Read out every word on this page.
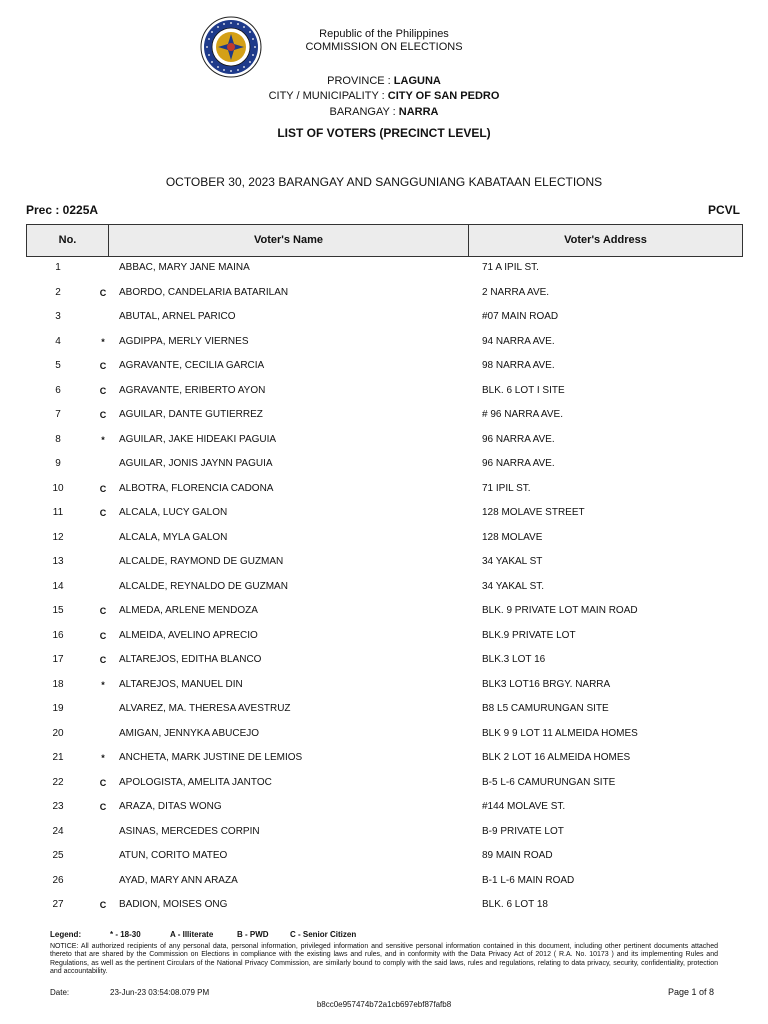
Republic of the Philippines
COMMISSION ON ELECTIONS
PROVINCE : LAGUNA
CITY / MUNICIPALITY : CITY OF SAN PEDRO
BARANGAY : NARRA
LIST OF VOTERS (PRECINCT LEVEL)
OCTOBER 30, 2023 BARANGAY AND SANGGUNIANG KABATAAN ELECTIONS
Prec : 0225A	PCVL
No.	Voter's Name	Voter's Address
1	ABBAC, MARY JANE MAINA	71 A IPIL ST.
2	C	ABORDO, CANDELARIA BATARILAN	2 NARRA AVE.
3	ABUTAL, ARNEL PARICO	#07 MAIN ROAD
4	*	AGDIPPA, MERLY VIERNES	94 NARRA AVE.
5	C	AGRAVANTE, CECILIA GARCIA	98 NARRA AVE.
6	C	AGRAVANTE, ERIBERTO AYON	BLK. 6 LOT I SITE
7	C	AGUILAR, DANTE GUTIERREZ	# 96 NARRA AVE.
8	*	AGUILAR, JAKE HIDEAKI PAGUIA	96 NARRA AVE.
9	AGUILAR, JONIS JAYNN PAGUIA	96 NARRA AVE.
10	C	ALBOTRA, FLORENCIA CADONA	71 IPIL ST.
11	C	ALCALA, LUCY GALON	128 MOLAVE STREET
12	ALCALA, MYLA GALON	128 MOLAVE
13	ALCALDE, RAYMOND DE GUZMAN	34 YAKAL ST
14	ALCALDE, REYNALDO DE GUZMAN	34 YAKAL ST.
15	C	ALMEDA, ARLENE MENDOZA	BLK. 9 PRIVATE LOT MAIN ROAD
16	C	ALMEIDA, AVELINO APRECIO	BLK.9 PRIVATE LOT
17	C	ALTAREJOS, EDITHA BLANCO	BLK.3 LOT 16
18	*	ALTAREJOS, MANUEL DIN	BLK3 LOT16 BRGY. NARRA
19	ALVAREZ, MA. THERESA AVESTRUZ	B8 L5 CAMURUNGAN SITE
20	AMIGAN, JENNYKA ABUCEJO	BLK 9 9 LOT 11 ALMEIDA HOMES
21	*	ANCHETA, MARK JUSTINE DE LEMIOS	BLK 2 LOT 16 ALMEIDA HOMES
22	C	APOLOGISTA, AMELITA JANTOC	B-5 L-6 CAMURUNGAN SITE
23	C	ARAZA, DITAS WONG	#144 MOLAVE ST.
24	ASINAS, MERCEDES CORPIN	B-9 PRIVATE LOT
25	ATUN, CORITO MATEO	89 MAIN ROAD
26	AYAD, MARY ANN ARAZA	B-1 L-6 MAIN ROAD
27	C	BADION, MOISES ONG	BLK. 6 LOT 18
Legend:	* - 18-30	A - Illiterate	B - PWD	C - Senior Citizen
NOTICE: All authorized recipients of any personal data, personal information, privileged information and sensitive personal information contained in this document, including other pertinent documents attached thereto that are shared by the Commission on Elections in compliance with the existing laws and rules, and in conformity with the Data Privacy Act of 2012 ( R.A. No. 10173 ) and its implementing Rules and Regulations, as well as the pertinent Circulars of the National Privacy Commission, are similarly bound to comply with the said laws, rules and regulations, relating to data privacy, security, confidentiality, protection and accountability.
Date:	23-Jun-23 03:54:08.079 PM	Page 1 of 8
b8cc0e957474b72a1cb697ebf87fafb8
